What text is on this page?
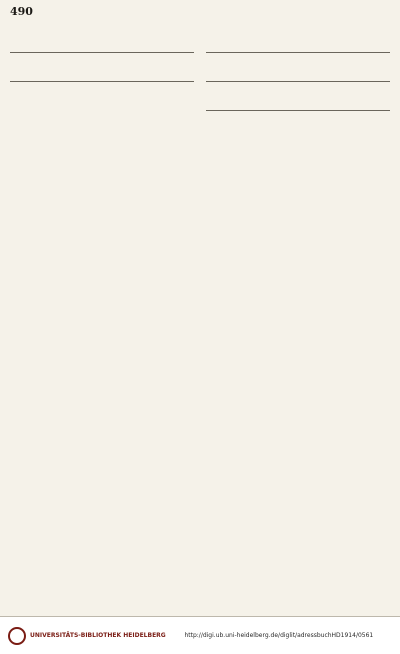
490
UNIVERSITÄTS-BIBLIOTHEK HEIDELBERG	http://digi.ub.uni-heidelberg.de/diglit/adressbuchHD1914/0561
